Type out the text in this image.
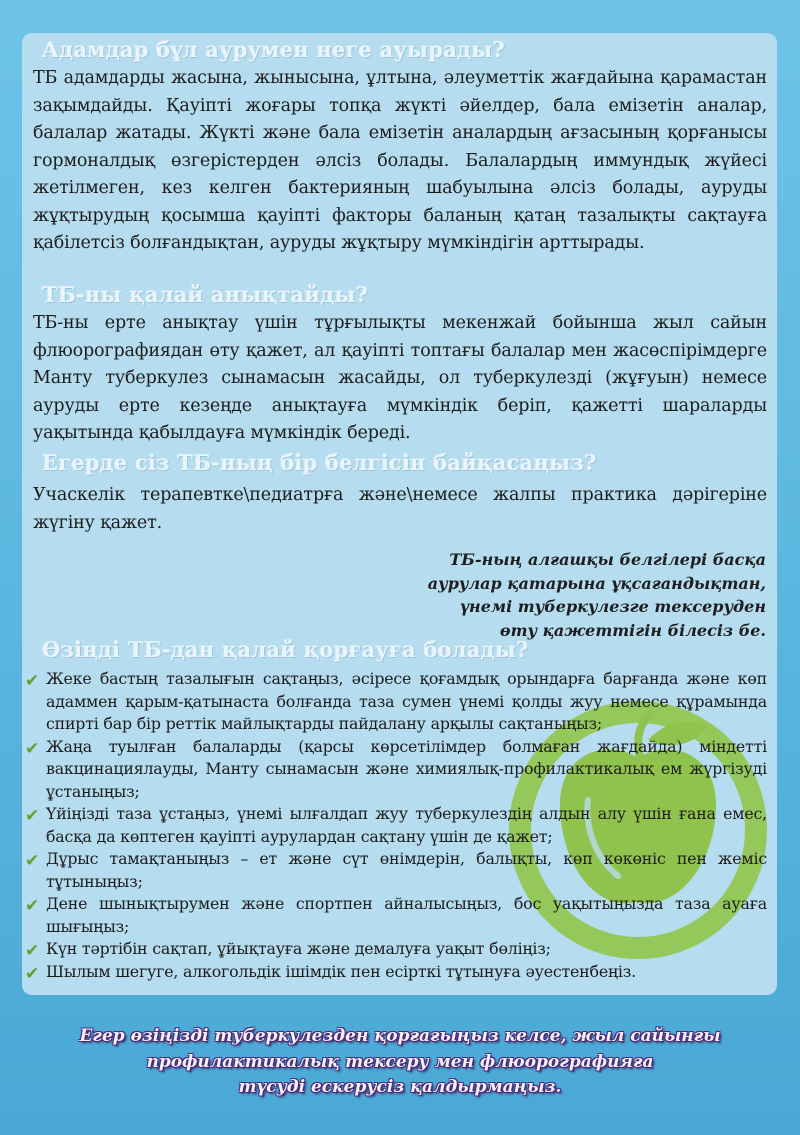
Адамдар бұл аурумен неге ауырады?

ТБ адамдарды жасына, жынысына, ұлтына, әлеуметтік жағдайына қарамастан зақымдайды. Қауіпті жоғары топқа жүкті әйелдер, бала емізетін аналар, балалар жатады. Жүкті және бала емізетін аналардың ағзасының қорғанысы гормоналдық өзгерістерден әлсіз болады. Балалардың иммундық жүйесі жетілмеген, кез келген бактерияның шабуылына әлсіз болады, ауруды жұқтырудың қосымша қауіпті факторы баланың қатаң тазалықты сақтауға қабілетсіз болғандықтан, ауруды жұқтыру мүмкіндігін арттырады.

ТБ-ны қалай анықтайды?

ТБ-ны ерте анықтау үшін тұрғылықты мекенжай бойынша жыл сайын флюорографиядан өту қажет, ал қауіпті топтағы балалар мен жасөспірімдерге Манту туберкулез сынамасын жасайды, ол туберкулезді (жұғуын) немесе ауруды ерте кезеңде анықтауға мүмкіндік беріп, қажетті шараларды уақытында қабылдауға мүмкіндік береді.

Егерде сіз ТБ-ның бір белгісін байқасаңыз?

Учаскелік терапевтке\педиатрға және\немесе жалпы практика дәрігеріне жүгіну қажет.

ТБ-ның алғашқы белгілері басқа
аурулар қатарына ұқсағандықтан,
үнемі туберкулезге тексеруден
өту қажеттігін білесіз бе.

Өзіңді ТБ-дан қалай қорғауға болады?
✔ Жеке бастың тазалығын сақтаңыз, әсіресе қоғамдық орындарға барғанда және көп адаммен қарым-қатынаста болғанда таза сумен үнемі қолды жуу немесе құрамында спирті бар бір реттік майлықтарды пайдалану арқылы сақтаныңыз;
✔ Жаңа туылған балаларды (қарсы көрсетілімдер болмаған жағдайда) міндетті вакцинациялауды, Манту сынамасын және химиялық-профилактикалық ем жүргізуді ұстаныңыз;
✔ Үйіңізді таза ұстаңыз, үнемі ылғалдап жуу туберкулездің алдын алу үшін ғана емес, басқа да көптеген қауіпті аурулардан сақтану үшін де қажет;
✔ Дұрыс тамақтаныңыз – ет және сүт өнімдерін, балықты, көп көкөніс пен жеміс тұтыныңыз;
✔ Дене шынықтырумен және спортпен айналысыңыз, бос уақытыңызда таза ауаға шығыңыз;
✔ Күн тәртібін сақтап, ұйықтауға және демалуға уақыт бөліңіз;
✔ Шылым шегуге, алкогольдік ішімдік пен есірткі тұтынуға әуестенбеңіз.

Егер өзіңізді туберкулезден қорғағыңыз келсе, жыл сайынғы
профилактикалық тексеру мен флюорографияға
түсуді ескерусіз қалдырмаңыз.
